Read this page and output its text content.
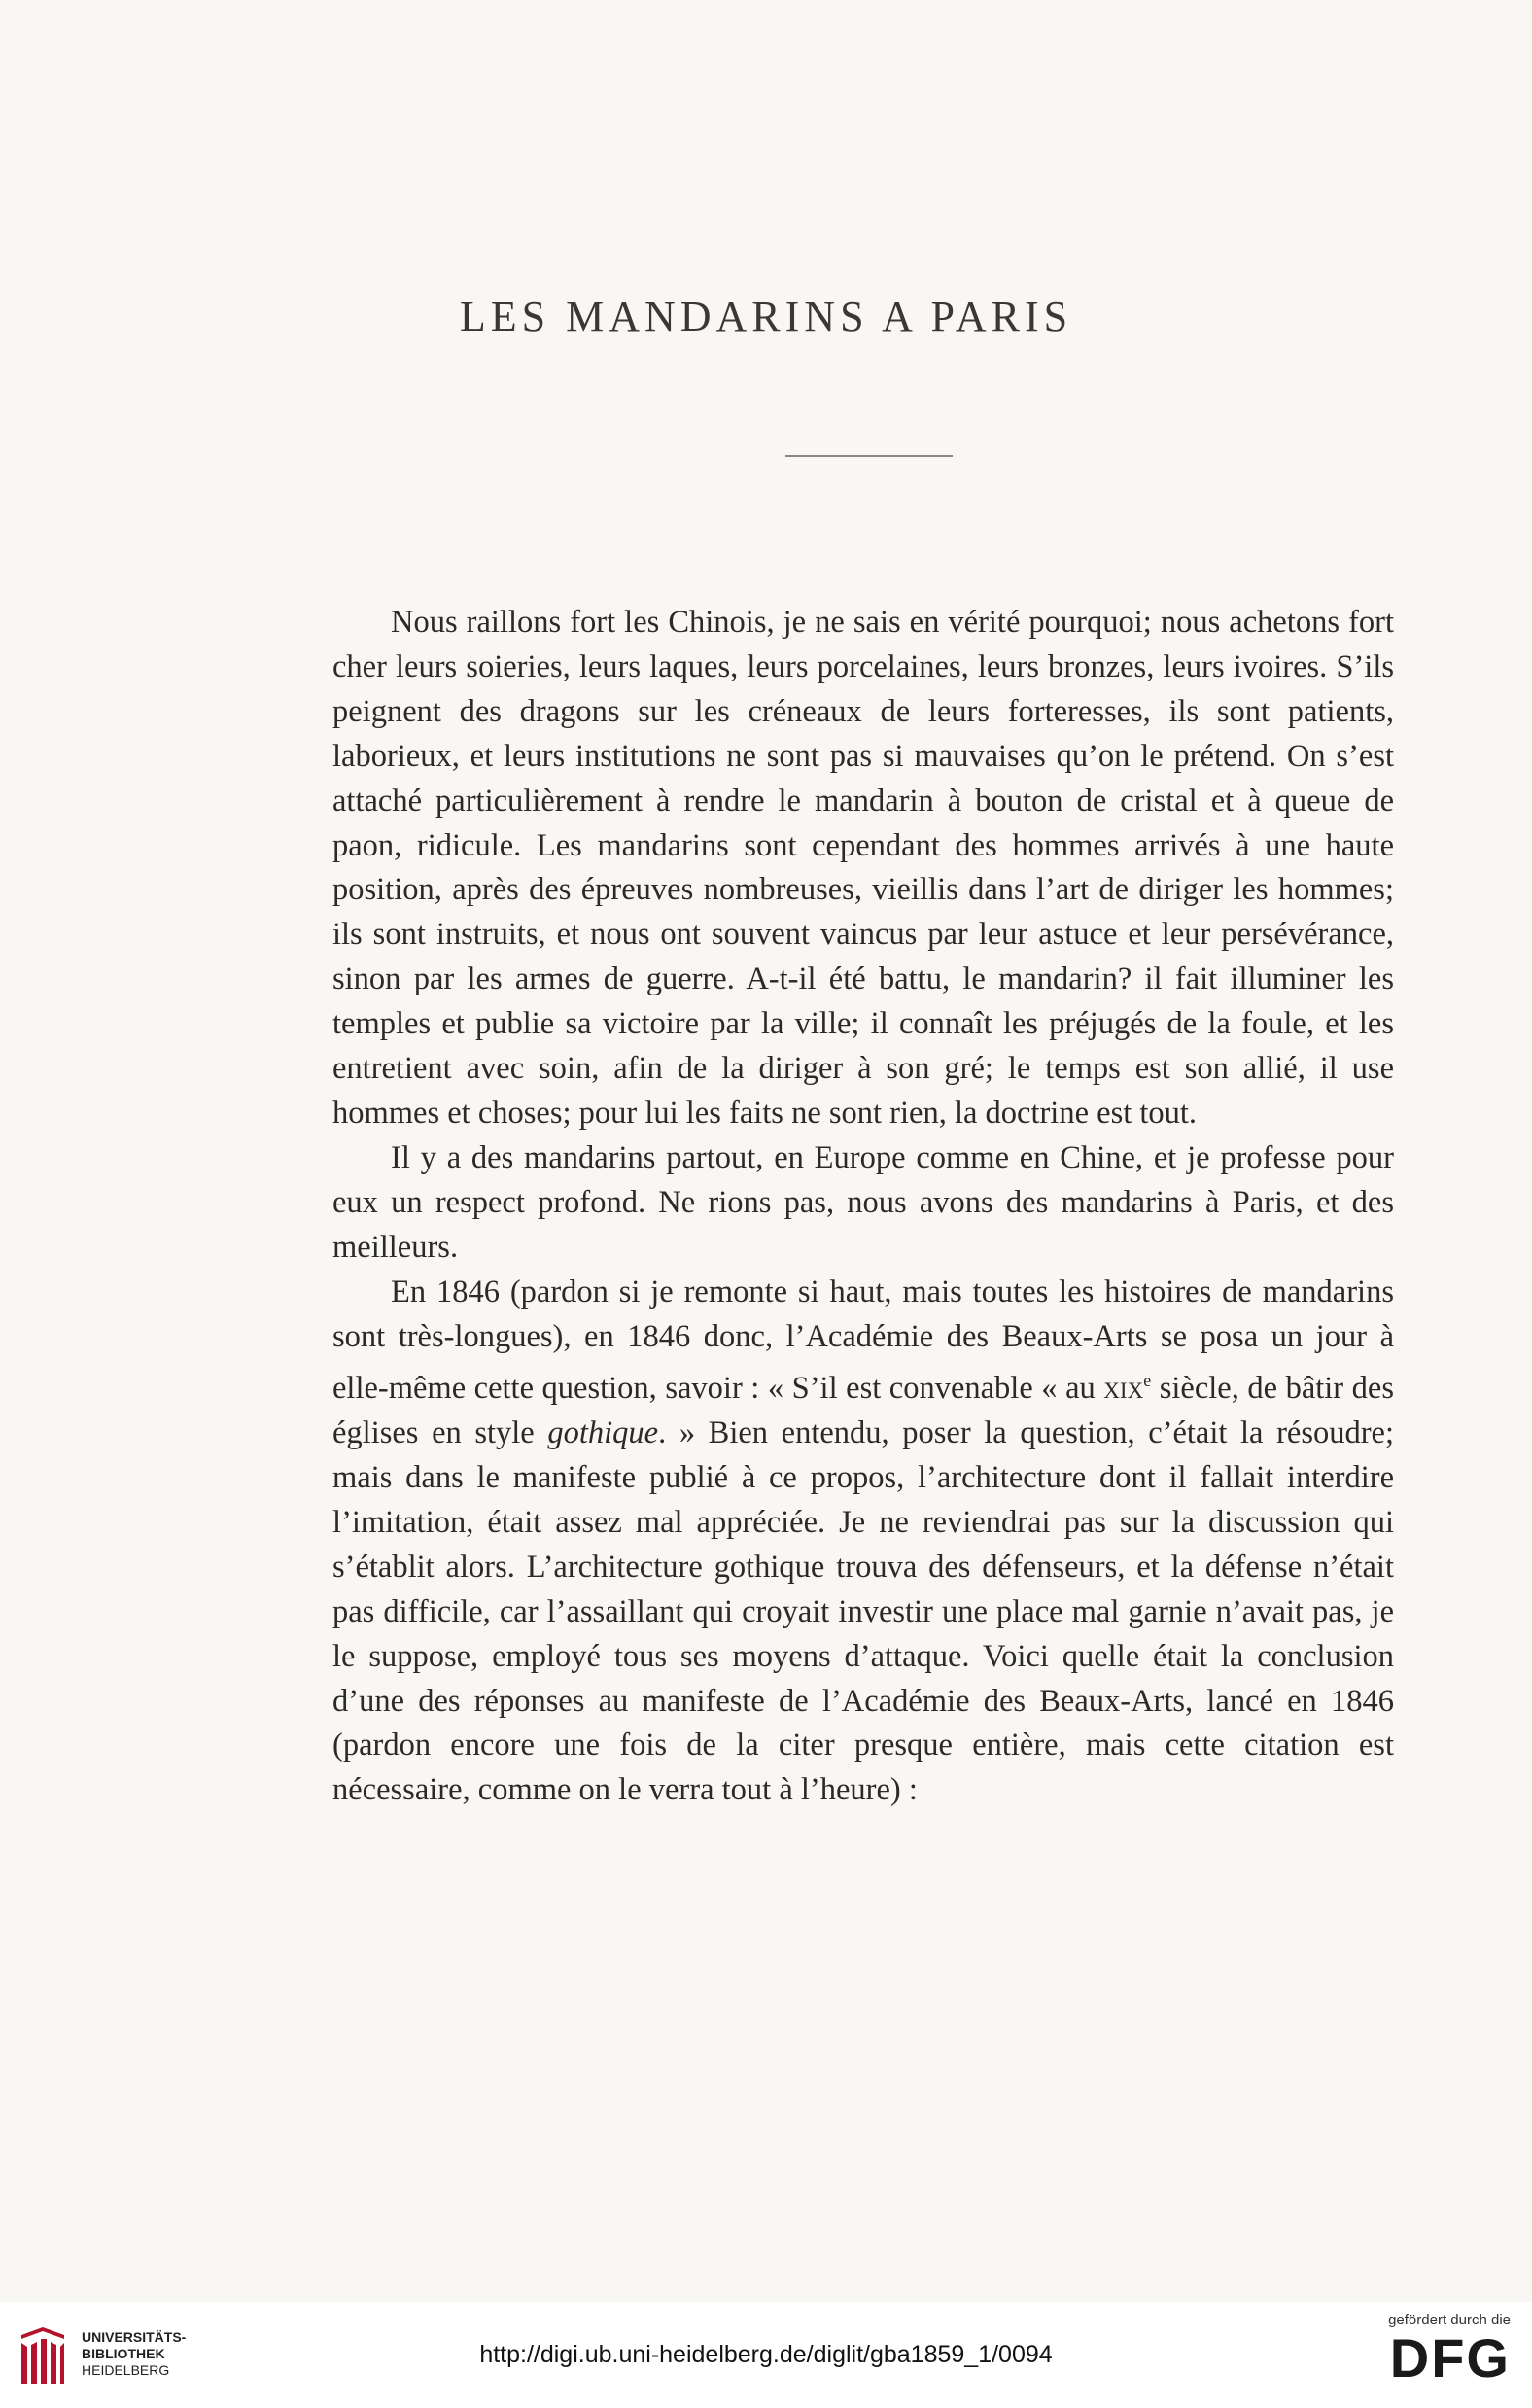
LES MANDARINS A PARIS

Nous raillons fort les Chinois, je ne sais en vérité pourquoi; nous achetons fort cher leurs soieries, leurs laques, leurs porcelaines, leurs bronzes, leurs ivoires. S’ils peignent des dragons sur les créneaux de leurs forteresses, ils sont patients, laborieux, et leurs institutions ne sont pas si mauvaises qu’on le prétend. On s’est attaché particulièrement à rendre le mandarin à bouton de cristal et à queue de paon, ridicule. Les mandarins sont cependant des hommes arrivés à une haute position, après des épreuves nombreuses, vieillis dans l’art de diriger les hommes; ils sont instruits, et nous ont souvent vaincus par leur astuce et leur persévérance, sinon par les armes de guerre. A-t-il été battu, le mandarin? il fait illuminer les temples et publie sa victoire par la ville; il connaît les préjugés de la foule, et les entretient avec soin, afin de la diriger à son gré; le temps est son allié, il use hommes et choses; pour lui les faits ne sont rien, la doctrine est tout.

Il y a des mandarins partout, en Europe comme en Chine, et je professe pour eux un respect profond. Ne rions pas, nous avons des mandarins à Paris, et des meilleurs.

En 1846 (pardon si je remonte si haut, mais toutes les histoires de mandarins sont très-longues), en 1846 donc, l’Académie des Beaux-Arts se posa un jour à elle-même cette question, savoir : « S’il est convenable « au xix$^e$ siècle, de bâtir des églises en style gothique. » Bien entendu, poser la question, c’était la résoudre; mais dans le manifeste publié à ce propos, l’architecture dont il fallait interdire l’imitation, était assez mal appréciée. Je ne reviendrai pas sur la discussion qui s’établit alors. L’architecture gothique trouva des défenseurs, et la défense n’était pas difficile, car l’assaillant qui croyait investir une place mal garnie n’avait pas, je le suppose, employé tous ses moyens d’attaque. Voici quelle était la conclusion d’une des réponses au manifeste de l’Académie des Beaux-Arts, lancé en 1846 (pardon encore une fois de la citer presque entière, mais cette citation est nécessaire, comme on le verra tout à l’heure) :

UNIVERSITÄTS-
BIBLIOTHEK
HEIDELBERG
http://digi.ub.uni-heidelberg.de/diglit/gba1859_1/0094
gefördert durch die
DFG
